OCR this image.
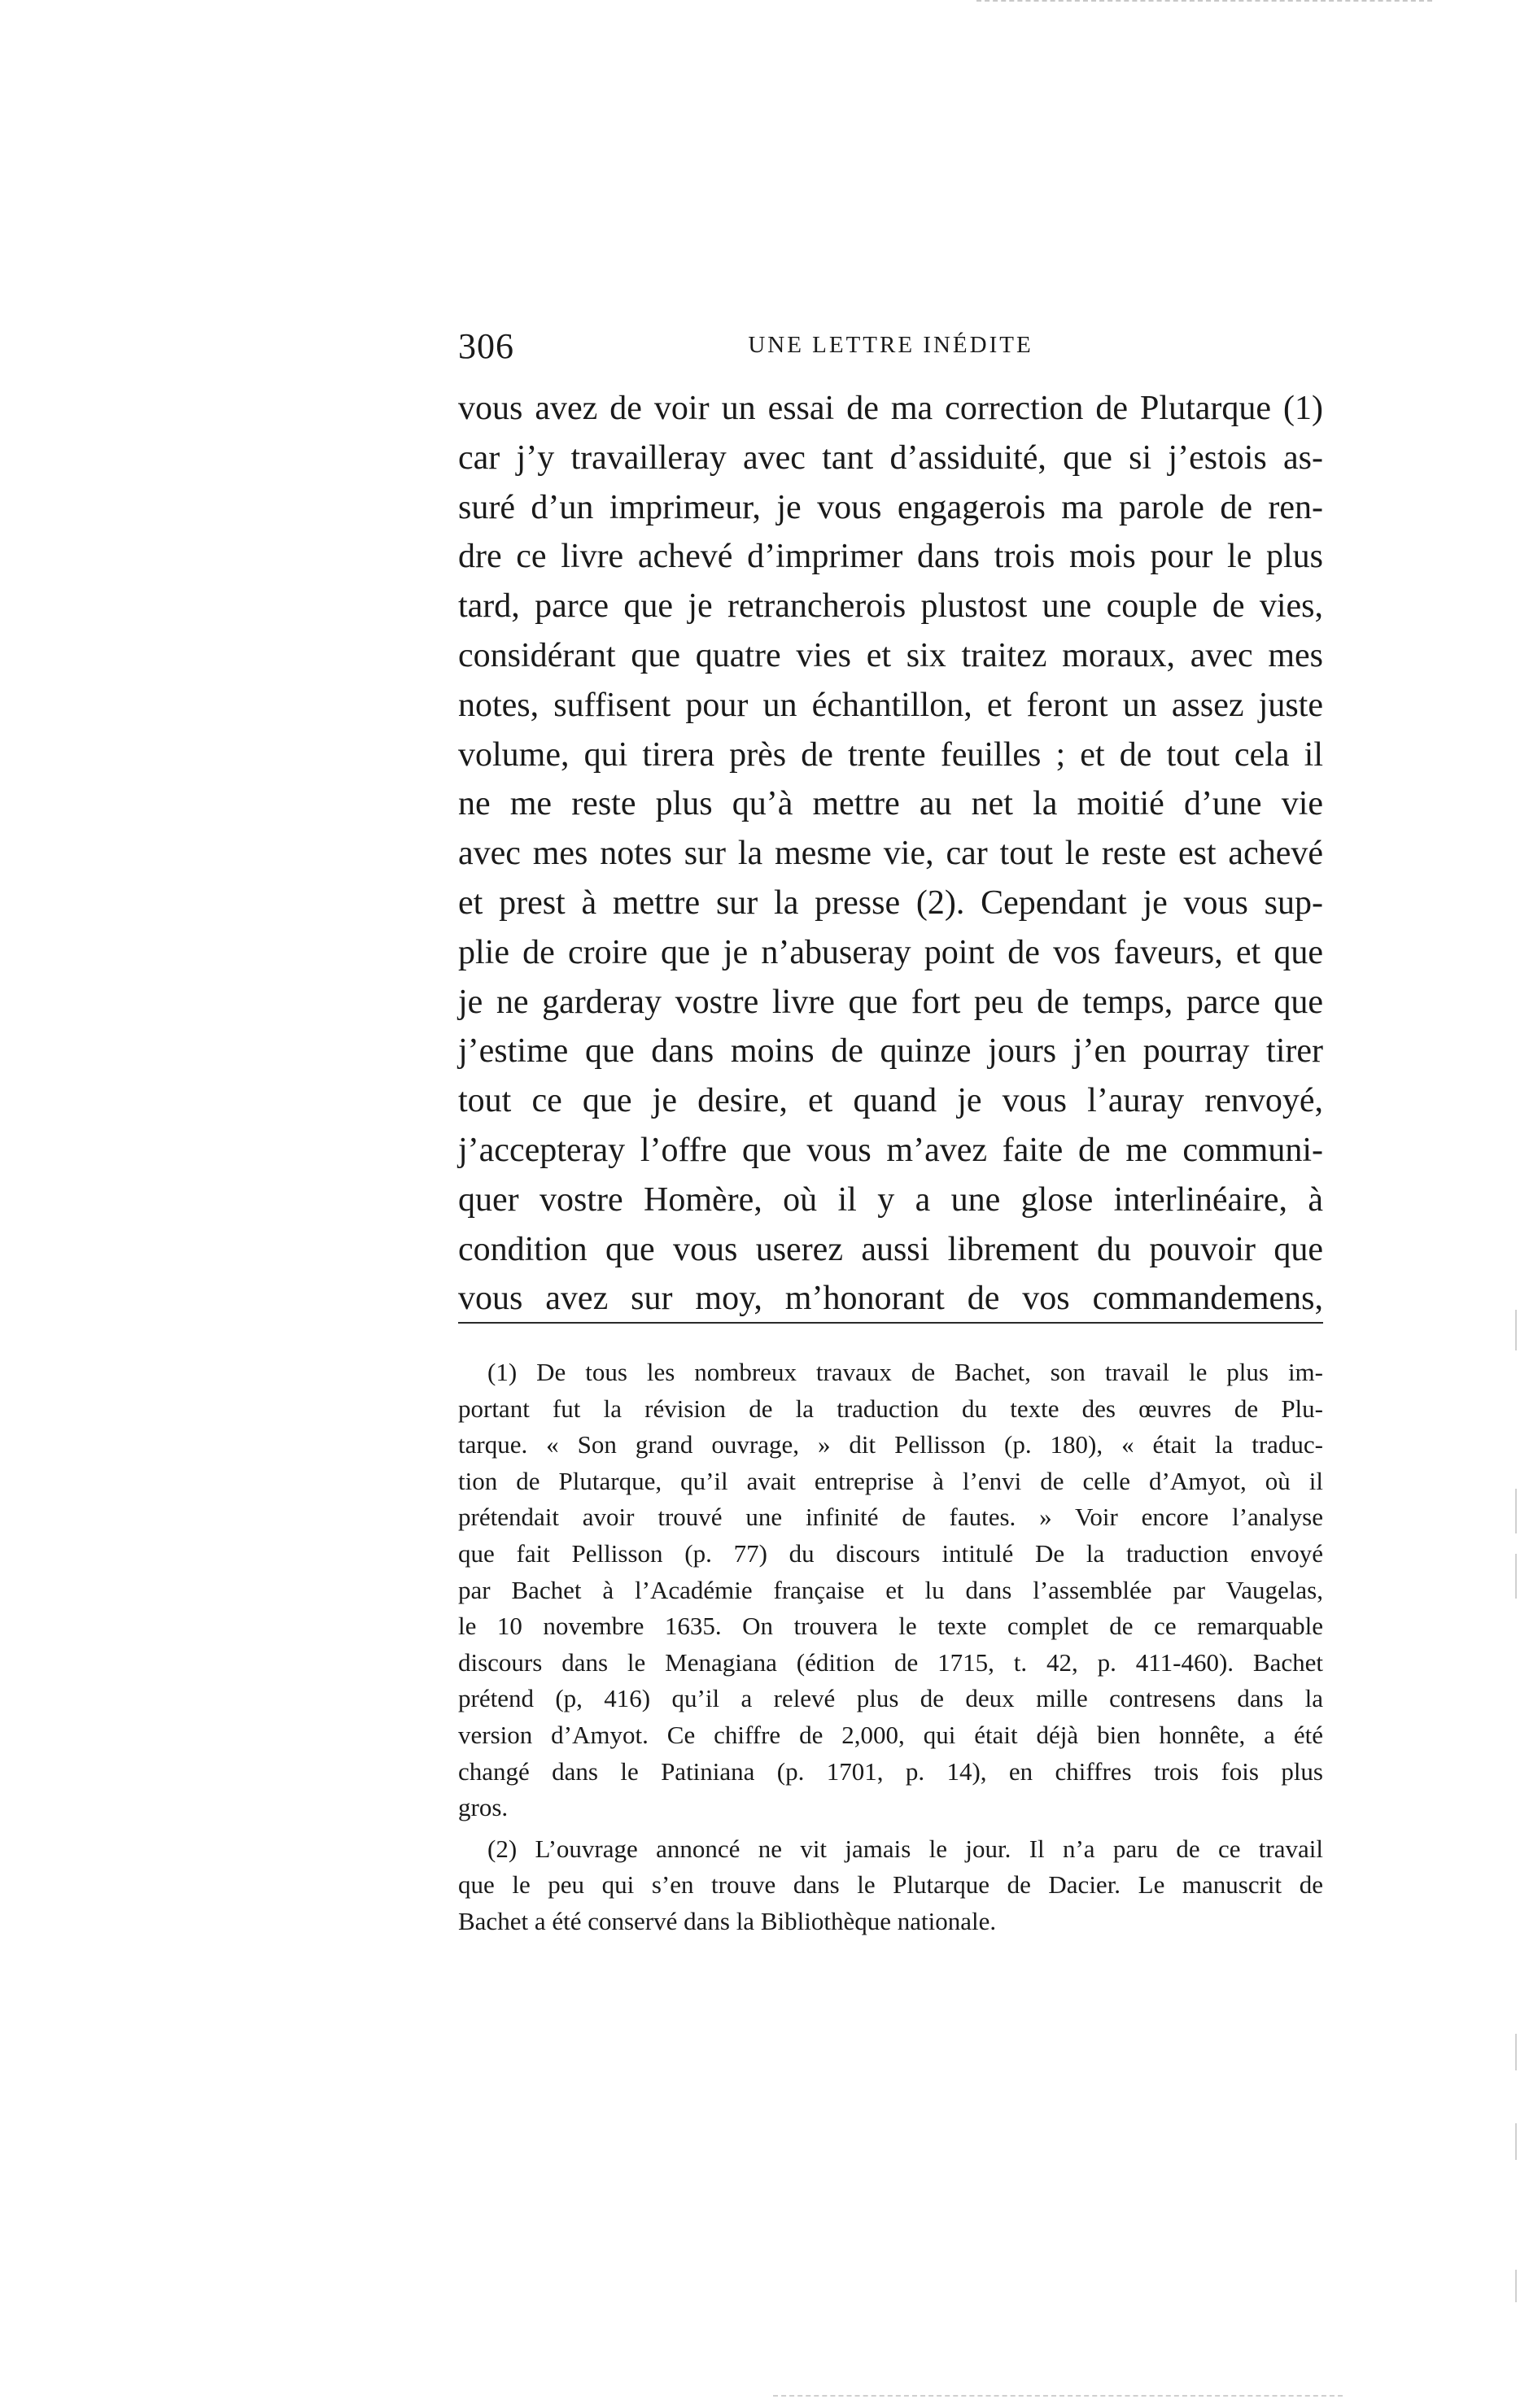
306	UNE LETTRE INÉDITE
vous avez de voir un essai de ma correction de Plutarque (1)
car j’y travailleray avec tant d’assiduité, que si j’estois as-
suré d’un imprimeur, je vous engagerois ma parole de ren-
dre ce livre achevé d’imprimer dans trois mois pour le plus
tard, parce que je retrancherois plustost une couple de vies,
considérant que quatre vies et six traitez moraux, avec mes
notes, suffisent pour un échantillon, et feront un assez juste
volume, qui tirera près de trente feuilles ; et de tout cela il
ne me reste plus qu’à mettre au net la moitié d’une vie
avec mes notes sur la mesme vie, car tout le reste est achevé
et prest à mettre sur la presse (2). Cependant je vous sup-
plie de croire que je n’abuseray point de vos faveurs, et que
je ne garderay vostre livre que fort peu de temps, parce que
j’estime que dans moins de quinze jours j’en pourray tirer
tout ce que je desire, et quand je vous l’auray renvoyé,
j’accepteray l’offre que vous m’avez faite de me communi-
quer vostre Homère, où il y a une glose interlinéaire, à
condition que vous userez aussi librement du pouvoir que
vous avez sur moy, m’honorant de vos commandemens,
(1) De tous les nombreux travaux de Bachet, son travail le plus im-
portant fut la révision de la traduction du texte des œuvres de Plu-
tarque. « Son grand ouvrage, » dit Pellisson (p. 180), « était la traduc-
tion de Plutarque, qu’il avait entreprise à l’envi de celle d’Amyot, où il
prétendait avoir trouvé une infinité de fautes. » Voir encore l’analyse
que fait Pellisson (p. 77) du discours intitulé De la traduction envoyé
par Bachet à l’Académie française et lu dans l’assemblée par Vaugelas,
le 10 novembre 1635. On trouvera le texte complet de ce remarquable
discours dans le Menagiana (édition de 1715, t. 42, p. 411-460). Bachet
prétend (p, 416) qu’il a relevé plus de deux mille contresens dans la
version d’Amyot. Ce chiffre de 2,000, qui était déjà bien honnête, a été
changé dans le Patiniana (p. 1701, p. 14), en chiffres trois fois plus
gros.
(2) L’ouvrage annoncé ne vit jamais le jour. Il n’a paru de ce travail
que le peu qui s’en trouve dans le Plutarque de Dacier. Le manuscrit de
Bachet a été conservé dans la Bibliothèque nationale.
